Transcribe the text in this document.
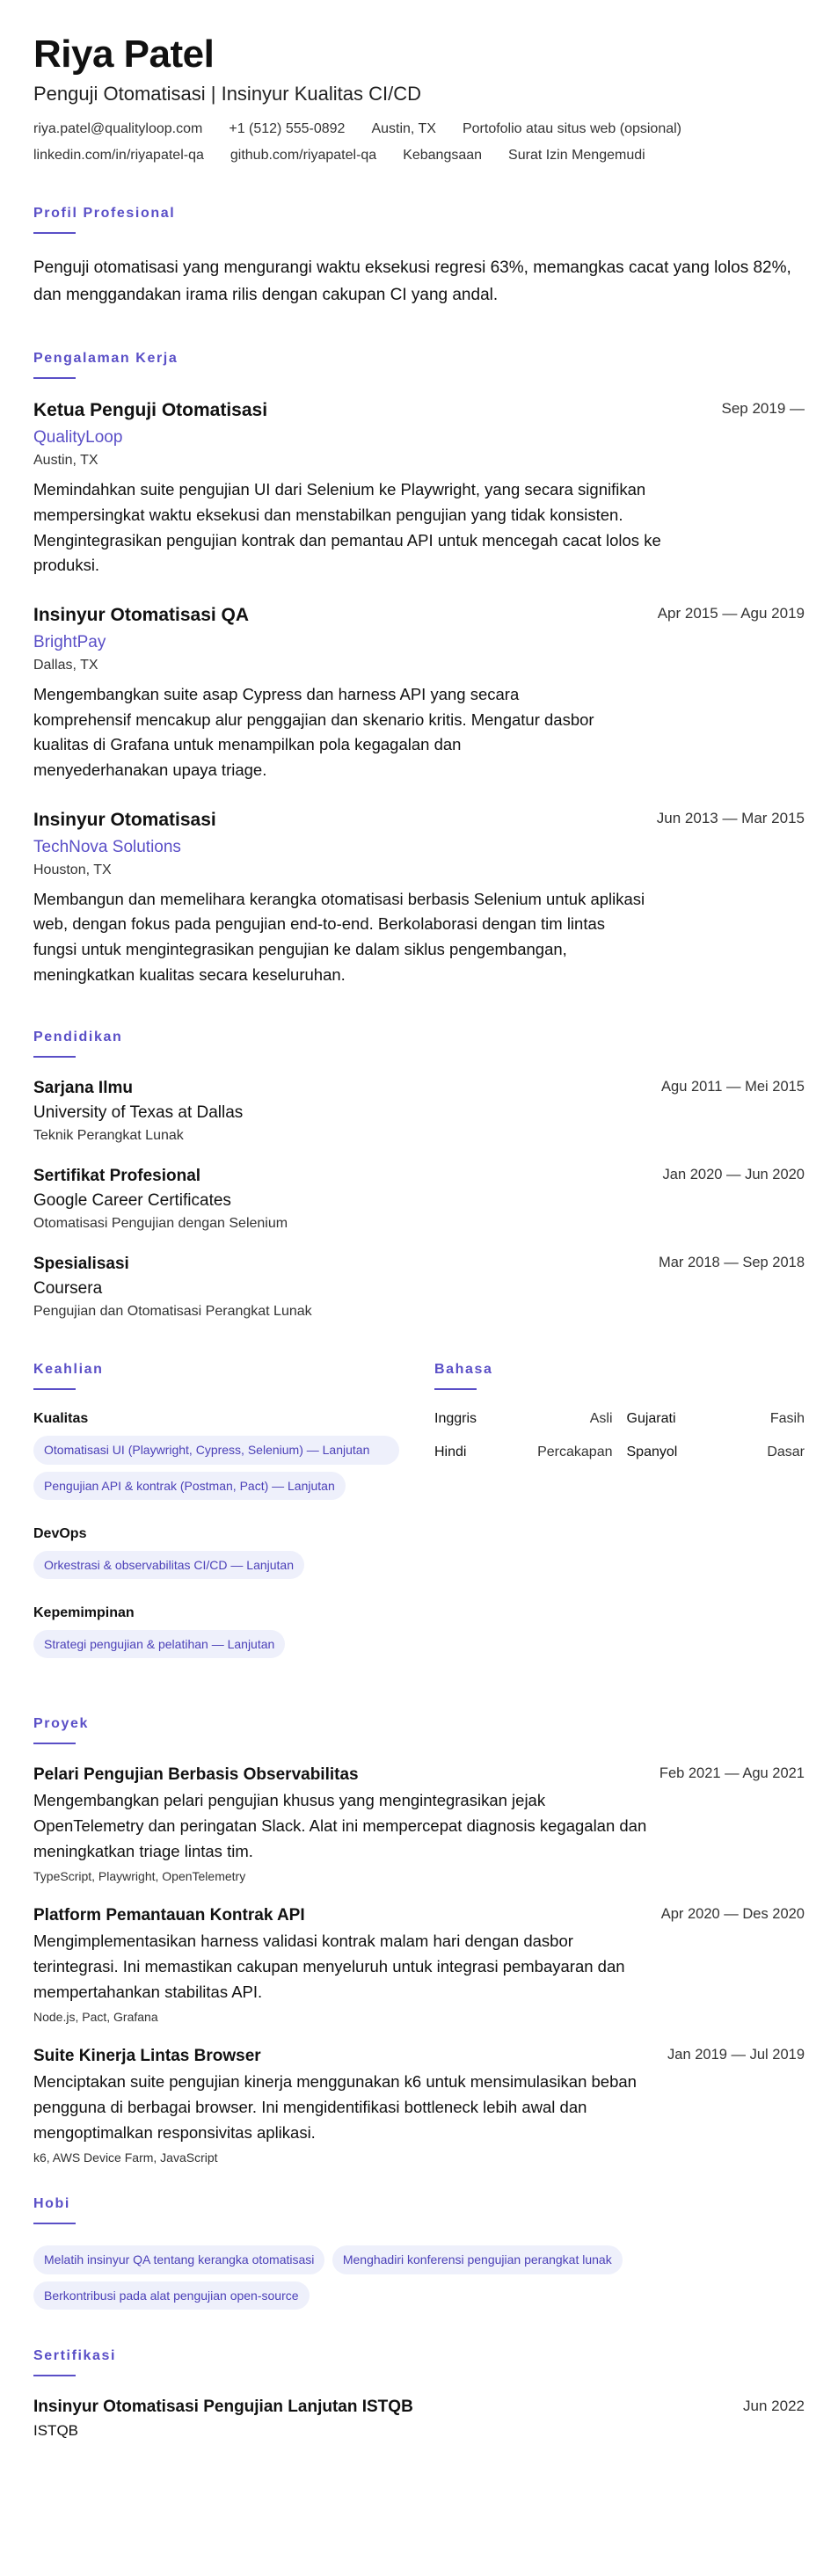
Riya Patel
Penguji Otomatisasi | Insinyur Kualitas CI/CD
riya.patel@qualityloop.com +1 (512) 555-0892 Austin, TX Portofolio atau situs web (opsional)
linkedin.com/in/riyapatel-qa github.com/riyapatel-qa Kebangsaan Surat Izin Mengemudi
Profil Profesional

Penguji otomatisasi yang mengurangi waktu eksekusi regresi 63%, memangkas cacat yang lolos 82%, dan menggandakan irama rilis dengan cakupan CI yang andal.

Pengalaman Kerja
Ketua Penguji Otomatisasi	Sep 2019 —
QualityLoop
Austin, TX
Memindahkan suite pengujian UI dari Selenium ke Playwright, yang secara signifikan mempersingkat waktu eksekusi dan menstabilkan pengujian yang tidak konsisten. Mengintegrasikan pengujian kontrak dan pemantau API untuk mencegah cacat lolos ke produksi.
Insinyur Otomatisasi QA	Apr 2015 — Agu 2019
BrightPay
Dallas, TX
Mengembangkan suite asap Cypress dan harness API yang secara komprehensif mencakup alur penggajian dan skenario kritis. Mengatur dasbor kualitas di Grafana untuk menampilkan pola kegagalan dan menyederhanakan upaya triage.
Insinyur Otomatisasi	Jun 2013 — Mar 2015
TechNova Solutions
Houston, TX
Membangun dan memelihara kerangka otomatisasi berbasis Selenium untuk aplikasi web, dengan fokus pada pengujian end-to-end. Berkolaborasi dengan tim lintas fungsi untuk mengintegrasikan pengujian ke dalam siklus pengembangan, meningkatkan kualitas secara keseluruhan.
Pendidikan
Sarjana Ilmu	Agu 2011 — Mei 2015
University of Texas at Dallas
Teknik Perangkat Lunak
Sertifikat Profesional	Jan 2020 — Jun 2020
Google Career Certificates
Otomatisasi Pengujian dengan Selenium
Spesialisasi	Mar 2018 — Sep 2018
Coursera
Pengujian dan Otomatisasi Perangkat Lunak
Keahlian
Kualitas
Otomatisasi UI (Playwright, Cypress, Selenium) — Lanjutan
Pengujian API & kontrak (Postman, Pact) — Lanjutan
DevOps
Orkestrasi & observabilitas CI/CD — Lanjutan
Kepemimpinan
Strategi pengujian & pelatihan — Lanjutan
Bahasa
Inggris	Asli Gujarati	Fasih
Hindi	Percakapan Spanyol	Dasar
Proyek
Pelari Pengujian Berbasis Observabilitas	Feb 2021 — Agu 2021
Mengembangkan pelari pengujian khusus yang mengintegrasikan jejak OpenTelemetry dan peringatan Slack. Alat ini mempercepat diagnosis kegagalan dan meningkatkan triage lintas tim.
TypeScript, Playwright, OpenTelemetry
Platform Pemantauan Kontrak API	Apr 2020 — Des 2020
Mengimplementasikan harness validasi kontrak malam hari dengan dasbor terintegrasi. Ini memastikan cakupan menyeluruh untuk integrasi pembayaran dan mempertahankan stabilitas API.
Node.js, Pact, Grafana
Suite Kinerja Lintas Browser	Jan 2019 — Jul 2019
Menciptakan suite pengujian kinerja menggunakan k6 untuk mensimulasikan beban pengguna di berbagai browser. Ini mengidentifikasi bottleneck lebih awal dan mengoptimalkan responsivitas aplikasi.
k6, AWS Device Farm, JavaScript
Hobi
Melatih insinyur QA tentang kerangka otomatisasi Menghadiri konferensi pengujian perangkat lunak Berkontribusi pada alat pengujian open-source
Sertifikasi
Insinyur Otomatisasi Pengujian Lanjutan ISTQB	Jun 2022
ISTQB
